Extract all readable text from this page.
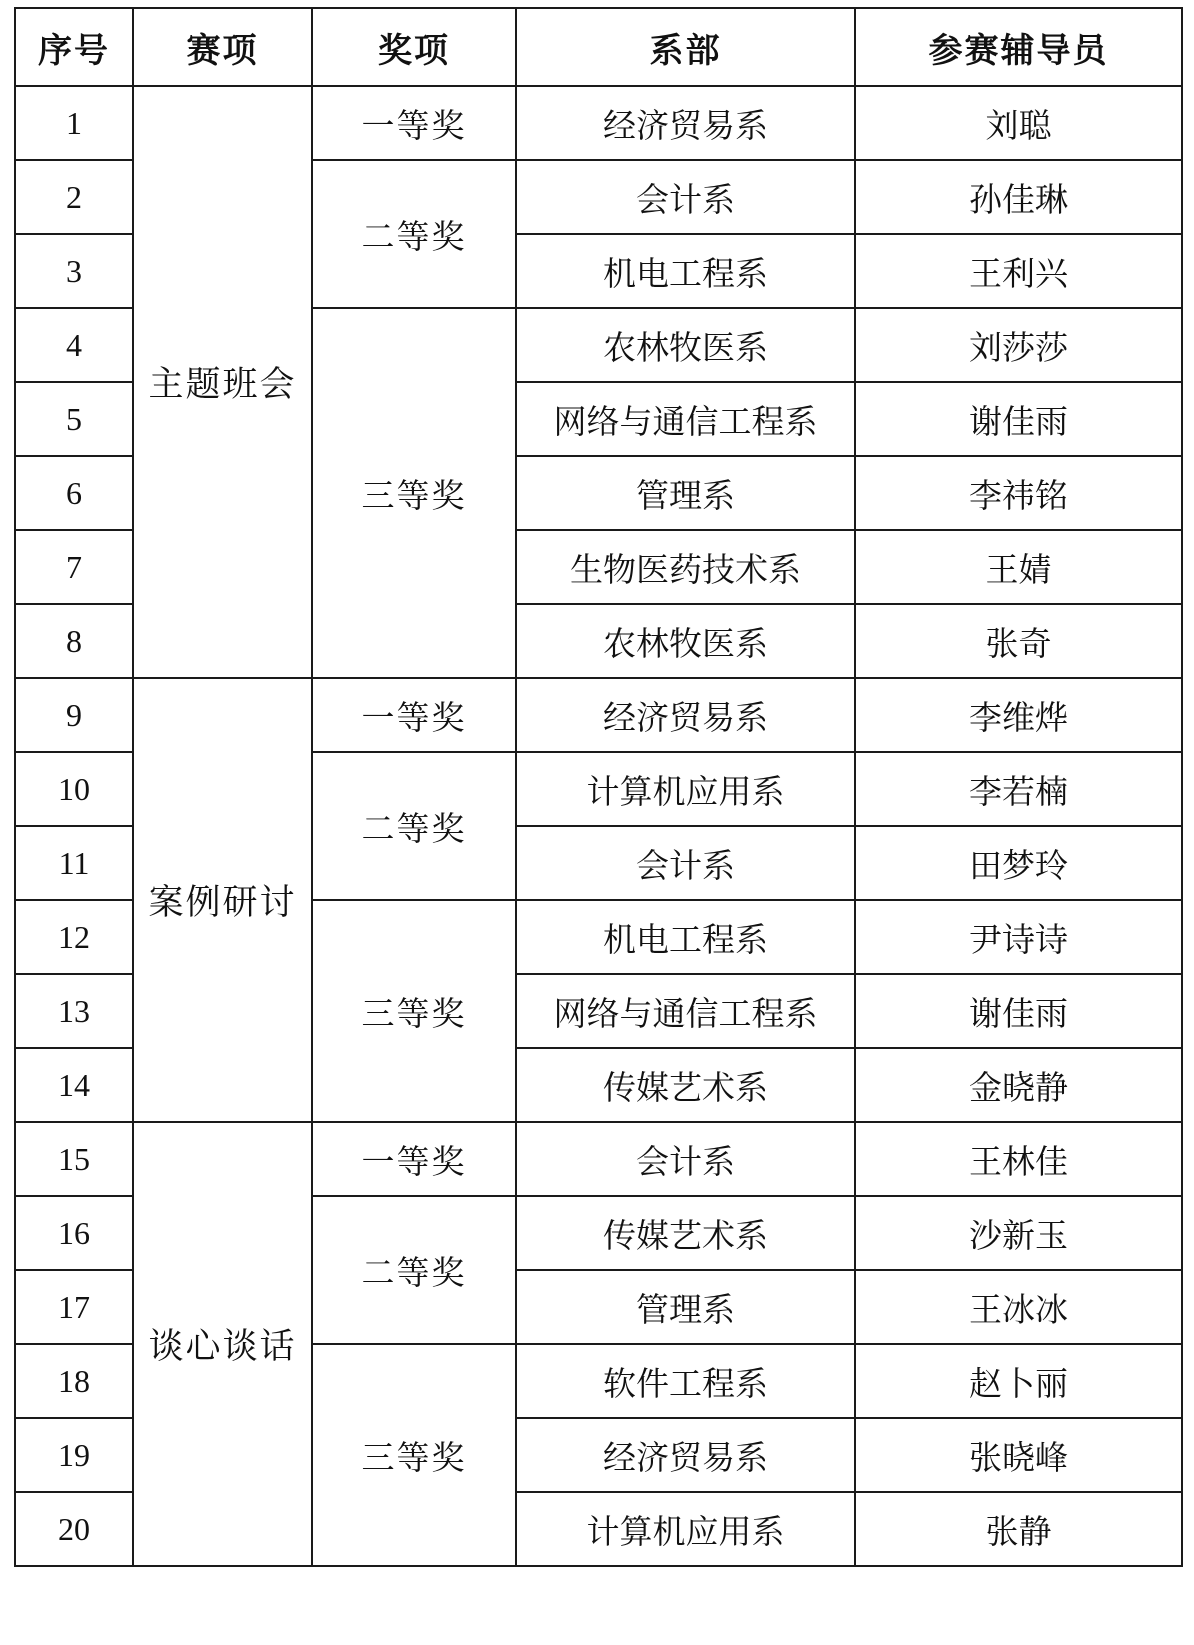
序号	赛项	奖项	系部	参赛辅导员
1	主题班会	一等奖	经济贸易系	刘聪
2		二等奖	会计系	孙佳琳
3			机电工程系	王利兴
4		三等奖	农林牧医系	刘莎莎
5			网络与通信工程系	谢佳雨
6			管理系	李祎铭
7			生物医药技术系	王婧
8			农林牧医系	张奇
9	案例研讨	一等奖	经济贸易系	李维烨
10		二等奖	计算机应用系	李若楠
11			会计系	田梦玲
12		三等奖	机电工程系	尹诗诗
13			网络与通信工程系	谢佳雨
14			传媒艺术系	金晓静
15	谈心谈话	一等奖	会计系	王林佳
16		二等奖	传媒艺术系	沙新玉
17			管理系	王冰冰
18		三等奖	软件工程系	赵卜丽
19			经济贸易系	张晓峰
20			计算机应用系	张静
